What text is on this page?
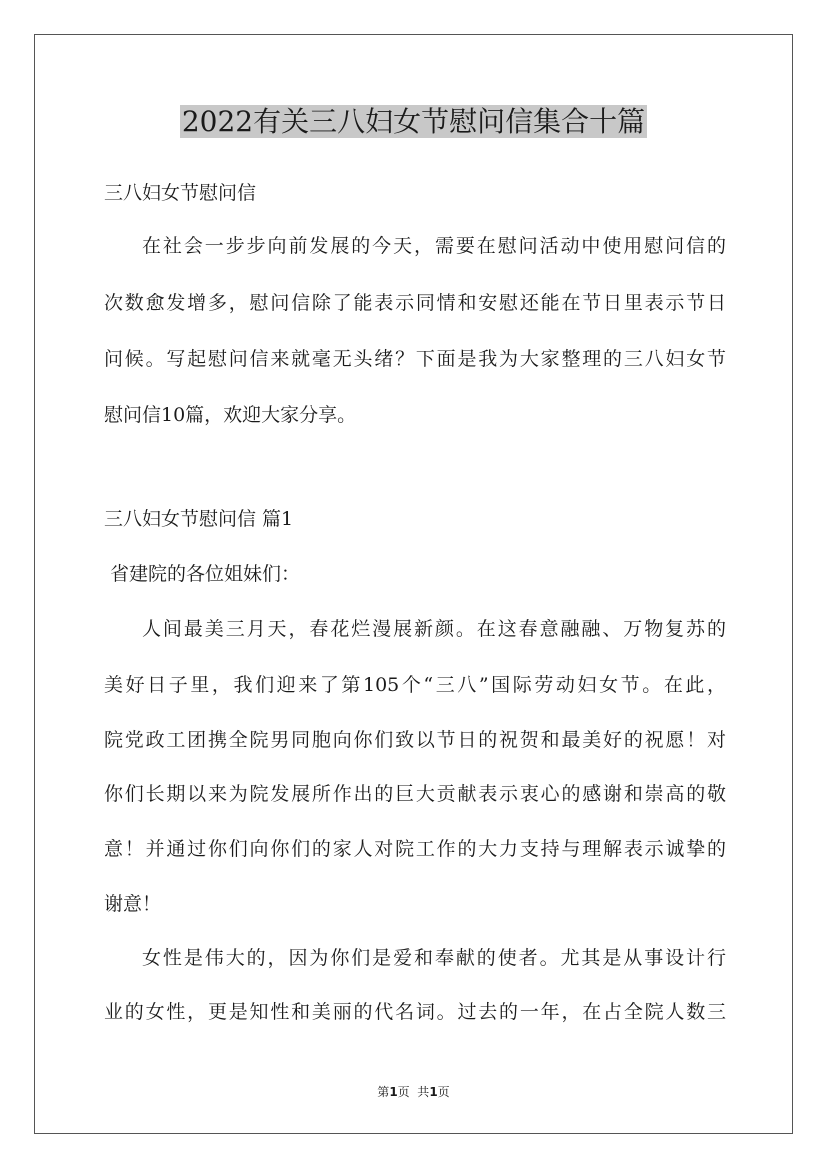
2022有关三八妇女节慰问信集合十篇
三八妇女节慰问信
在社会一步步向前发展的今天，需要在慰问活动中使用慰问信的
次数愈发增多，慰问信除了能表示同情和安慰还能在节日里表示节日
问候。写起慰问信来就毫无头绪？下面是我为大家整理的三八妇女节
慰问信10篇，欢迎大家分享。
三八妇女节慰问信 篇1
省建院的各位姐妹们：
人间最美三月天，春花烂漫展新颜。在这春意融融、万物复苏的
美好日子里，我们迎来了第105个“三八”国际劳动妇女节。在此，
院党政工团携全院男同胞向你们致以节日的祝贺和最美好的祝愿！对
你们长期以来为院发展所作出的巨大贡献表示衷心的感谢和崇高的敬
意！并通过你们向你们的家人对院工作的大力支持与理解表示诚挚的
谢意！
女性是伟大的，因为你们是爱和奉献的使者。尤其是从事设计行
业的女性，更是知性和美丽的代名词。过去的一年，在占全院人数三
第1页  共1页
